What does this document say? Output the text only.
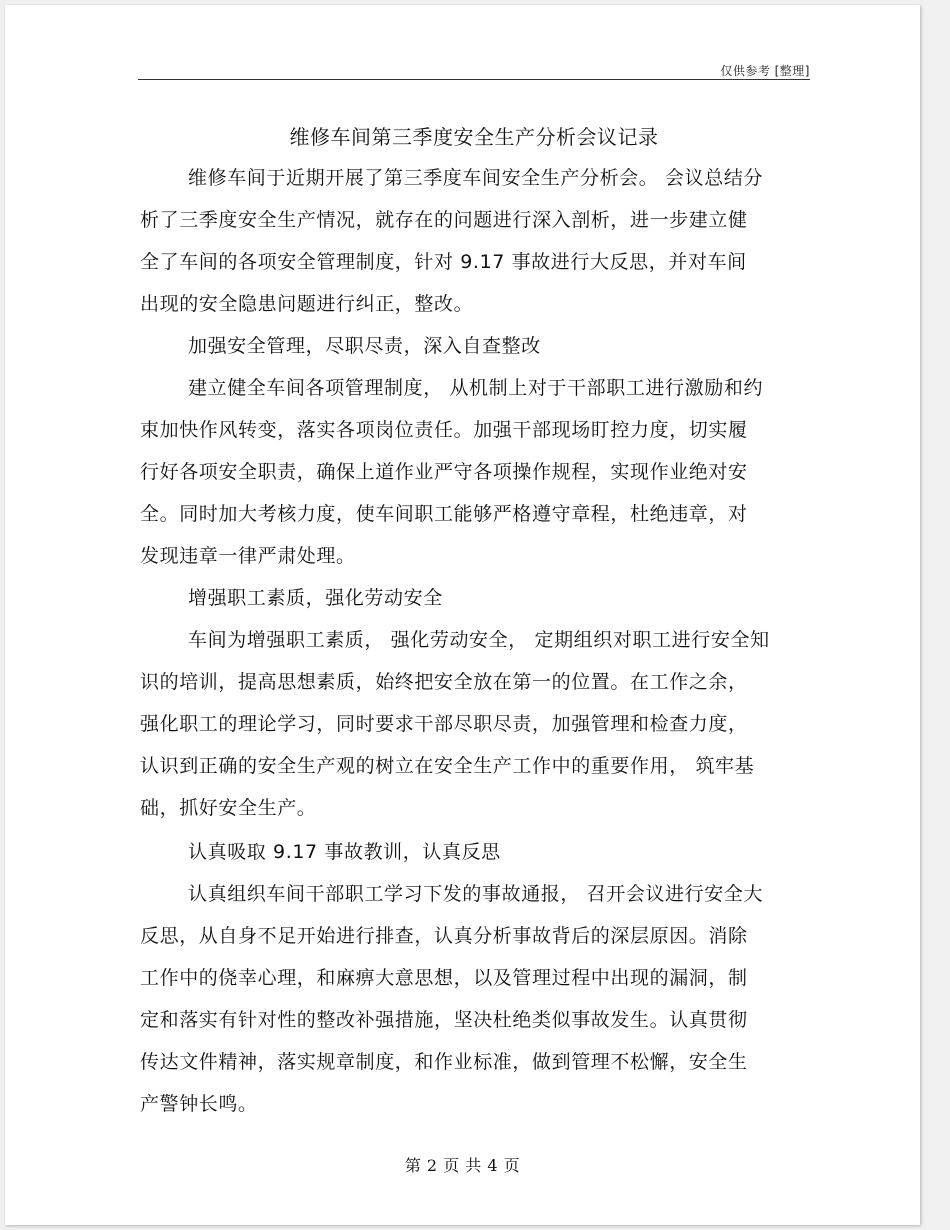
仅供参考 [整理]
维修车间第三季度安全生产分析会议记录
维修车间于近期开展了第三季度车间安全生产分析会。 会议总结分
析了三季度安全生产情况，就存在的问题进行深入剖析，进一步建立健
全了车间的各项安全管理制度，针对 9.17 事故进行大反思，并对车间
出现的安全隐患问题进行纠正，整改。
加强安全管理，尽职尽责，深入自查整改
建立健全车间各项管理制度， 从机制上对于干部职工进行激励和约
束加快作风转变，落实各项岗位责任。加强干部现场盯控力度，切实履
行好各项安全职责，确保上道作业严守各项操作规程，实现作业绝对安
全。同时加大考核力度，使车间职工能够严格遵守章程，杜绝违章，对
发现违章一律严肃处理。
增强职工素质，强化劳动安全
车间为增强职工素质， 强化劳动安全， 定期组织对职工进行安全知
识的培训，提高思想素质，始终把安全放在第一的位置。在工作之余，
强化职工的理论学习，同时要求干部尽职尽责，加强管理和检查力度，
认识到正确的安全生产观的树立在安全生产工作中的重要作用， 筑牢基
础，抓好安全生产。
认真吸取 9.17 事故教训，认真反思
认真组织车间干部职工学习下发的事故通报， 召开会议进行安全大
反思，从自身不足开始进行排查，认真分析事故背后的深层原因。消除
工作中的侥幸心理，和麻痹大意思想，以及管理过程中出现的漏洞，制
定和落实有针对性的整改补强措施，坚决杜绝类似事故发生。认真贯彻
传达文件精神，落实规章制度，和作业标准，做到管理不松懈，安全生
产警钟长鸣。
第 2 页 共 4 页
